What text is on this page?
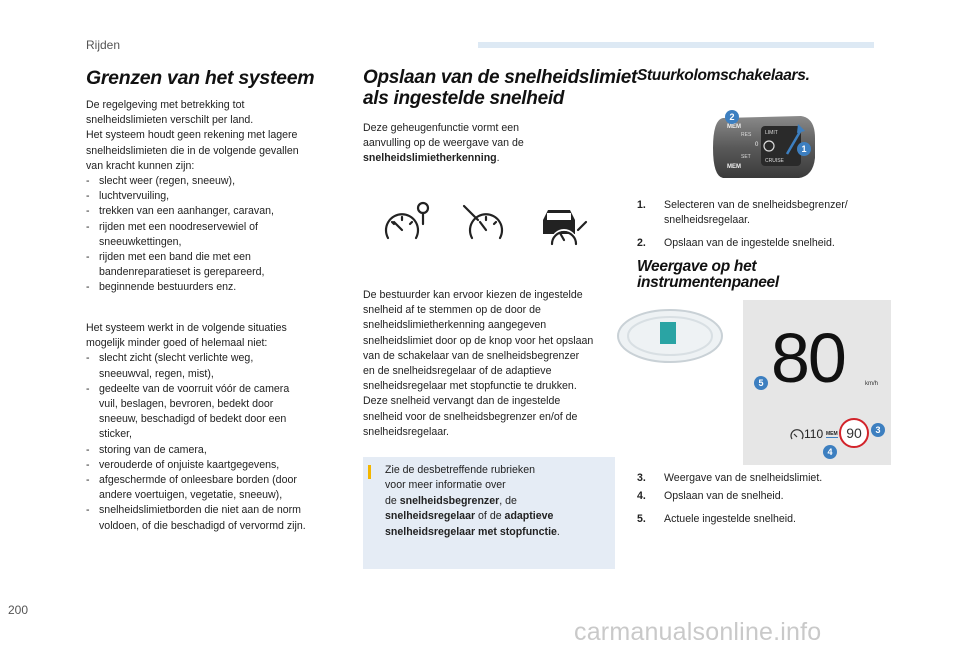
Rijden
Grenzen van het systeem

De regelgeving met betrekking tot

snelheidslimieten verschilt per land.

Het systeem houdt geen rekening met lagere

snelheidslimieten die in de volgende gevallen

van kracht kunnen zijn:

- slecht weer (regen, sneeuw),
- luchtvervuiling,
- trekken van een aanhanger, caravan,
- rijden met een noodreservewiel of
sneeuwkettingen,
- rijden met een band die met een
bandenreparatieset is gerepareerd,
- beginnende bestuurders enz.

Het systeem werkt in de volgende situaties

mogelijk minder goed of helemaal niet:

- slecht zicht (slecht verlichte weg,
sneeuwval, regen, mist),
- gedeelte van de voorruit vóór de camera
vuil, beslagen, bevroren, bedekt door
sneeuw, beschadigd of bedekt door een
sticker,
- storing van de camera,
- verouderde of onjuiste kaartgegevens,
- afgeschermde of onleesbare borden (door
andere voertuigen, vegetatie, sneeuw),
- snelheidslimietborden die niet aan de norm
voldoen, of die beschadigd of vervormd zijn.
Opslaan van de snelheidslimiet
als ingestelde snelheid

Deze geheugenfunctie vormt een

aanvulling op de weergave van de

snelheidslimietherkenning.

De bestuurder kan ervoor kiezen de ingestelde

snelheid af te stemmen op de door de

snelheidslimietherkenning aangegeven

snelheidslimiet door op de knop voor het opslaan

van de schakelaar van de snelheidsbegrenzer

en de snelheidsregelaar of de adaptieve

snelheidsregelaar met stopfunctie te drukken.

Deze snelheid vervangt dan de ingestelde

snelheid voor de snelheidsbegrenzer en/of de

snelheidsregelaar.

Zie de desbetreffende rubrieken
voor meer informatie over
de snelheidsbegrenzer, de
snelheidsregelaar of de adaptieve
snelheidsregelaar met stopfunctie.
Stuurkolomschakelaars.
MEM
MEM
RES
SET
LIMIT
CRUISE
0
2
1
1. Selecteren van de snelheidsbegrenzer/
snelheidsregelaar.
2. Opslaan van de ingestelde snelheid.
Weergave op het
instrumentenpaneel
80	km/h
5
110 MEM 90	3
4
3. Weergave van de snelheidslimiet.
4. Opslaan van de snelheid.
5. Actuele ingestelde snelheid.
200
carmanualsonline.info
